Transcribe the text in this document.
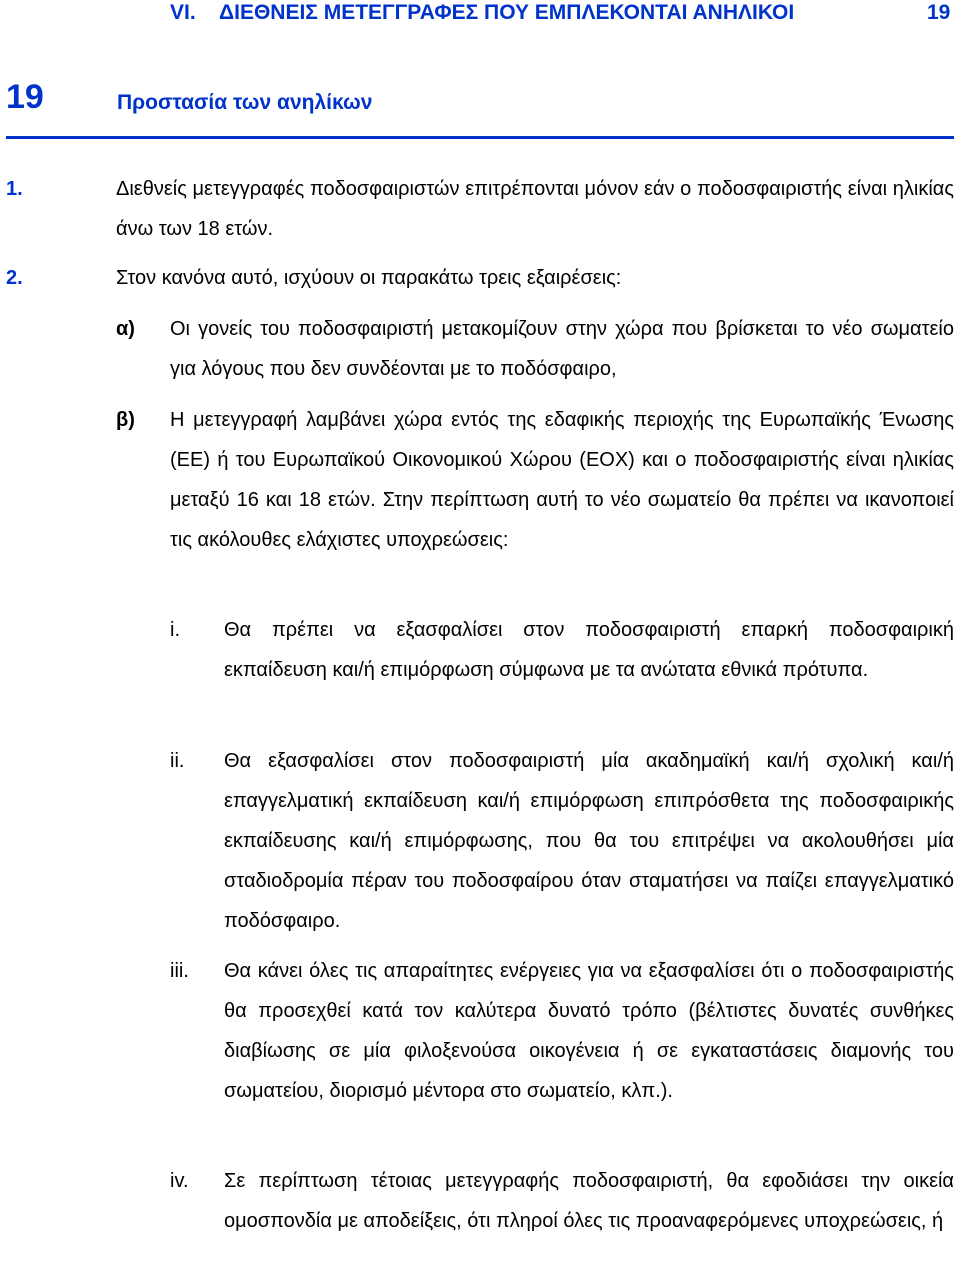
VI.    ΔΙΕΘΝΕΙΣ ΜΕΤΕΓΓΡΑΦΕΣ ΠΟΥ ΕΜΠΛΕΚΟΝΤΑΙ ΑΝΗΛΙΚΟΙ	19
19	Προστασία των ανηλίκων
1.	Διεθνείς μετεγγραφές ποδοσφαιριστών επιτρέπονται μόνον εάν ο ποδοσφαιριστής είναι ηλικίας άνω των 18 ετών.
2.	Στον κανόνα αυτό, ισχύουν οι παρακάτω τρεις εξαιρέσεις:
α) Οι γονείς του ποδοσφαιριστή μετακομίζουν στην χώρα που βρίσκεται το νέο σωματείο για λόγους που δεν συνδέονται με το ποδόσφαιρο,
β) Η μετεγγραφή λαμβάνει χώρα εντός της εδαφικής περιοχής της Ευρωπαϊκής Ένωσης (ΕΕ) ή του Ευρωπαϊκού Οικονομικού Χώρου (ΕΟΧ) και ο ποδοσφαιριστής είναι ηλικίας μεταξύ 16 και 18 ετών. Στην περίπτωση αυτή το νέο σωματείο θα πρέπει να ικανοποιεί τις ακόλουθες ελάχιστες υποχρεώσεις:
i. Θα πρέπει να εξασφαλίσει στον ποδοσφαιριστή επαρκή ποδοσφαιρική εκπαίδευση και/ή επιμόρφωση σύμφωνα με τα ανώτατα εθνικά πρότυπα.
ii. Θα εξασφαλίσει στον ποδοσφαιριστή μία ακαδημαϊκή και/ή σχολική και/ή επαγγελματική εκπαίδευση και/ή επιμόρφωση επιπρόσθετα της ποδοσφαιρικής εκπαίδευσης και/ή επιμόρφωσης, που θα του επιτρέψει να ακολουθήσει μία σταδιοδρομία πέραν του ποδοσφαίρου όταν σταματήσει να παίζει επαγγελματικό ποδόσφαιρο.
iii. Θα κάνει όλες τις απαραίτητες ενέργειες για να εξασφαλίσει ότι ο ποδοσφαιριστής θα προσεχθεί κατά τον καλύτερα δυνατό τρόπο (βέλτιστες δυνατές συνθήκες διαβίωσης σε μία φιλοξενούσα οικογένεια ή σε εγκαταστάσεις διαμονής του σωματείου, διορισμό μέντορα στο σωματείο, κλπ.).
iv. Σε περίπτωση τέτοιας μετεγγραφής ποδοσφαιριστή, θα εφοδιάσει την οικεία ομοσπονδία με αποδείξεις, ότι πληροί όλες τις προαναφερόμενες υποχρεώσεις, ή
